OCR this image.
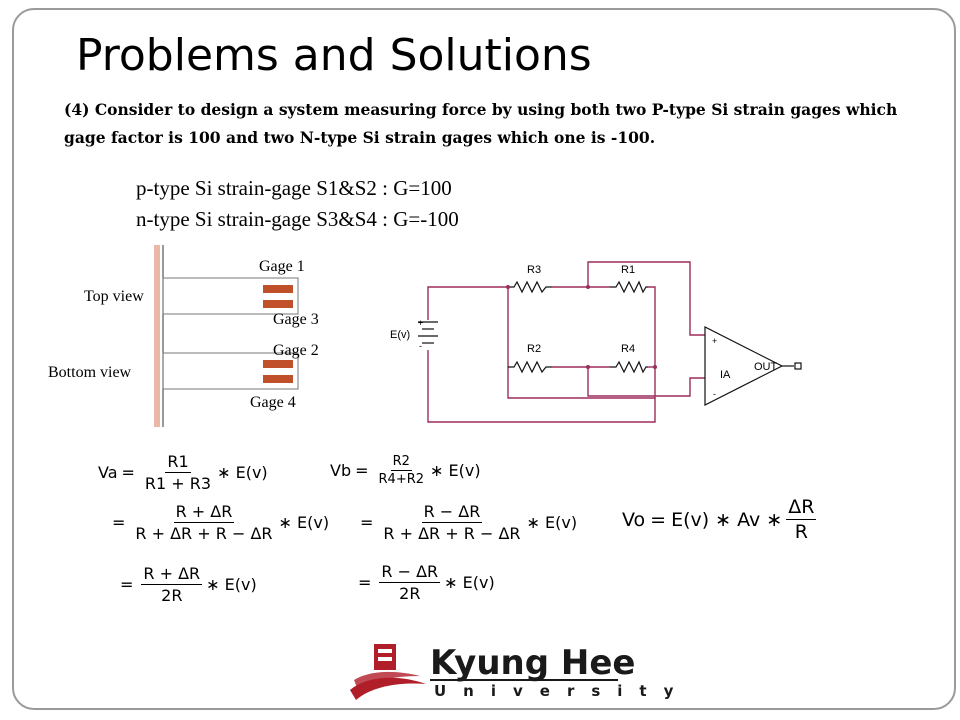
Problems and Solutions
(4) Consider to design a system measuring force by using both two P-type Si strain gages which gage factor is 100 and two N-type Si strain gages which one is -100.
p-type Si strain-gage S1&S2 : G=100
n-type Si strain-gage S3&S4 : G=-100
Top view
Bottom view
Gage 1
Gage 3
Gage 2
Gage 4
R3	R1
R2	R4
E(v)
+
-	+
-
IA
OUT
$Va = \frac{R1}{R1 + R3}$ ∗ E(v)
= $\frac{R + \Delta R}{R + \Delta R + R - \Delta R}$ ∗ E(v)
= $\frac{R + \Delta R}{2R}$ ∗ E(v)
$Vb = \frac{R2}{R4+R2}$ ∗ E(v)
= $\frac{R - \Delta R}{R + \Delta R + R - \Delta R}$ ∗ E(v)
= $\frac{R - \Delta R}{2R}$ ∗ E(v)
Vo = E(v) ∗ Av ∗ $\frac{\Delta R}{R}$
Kyung Hee
University
